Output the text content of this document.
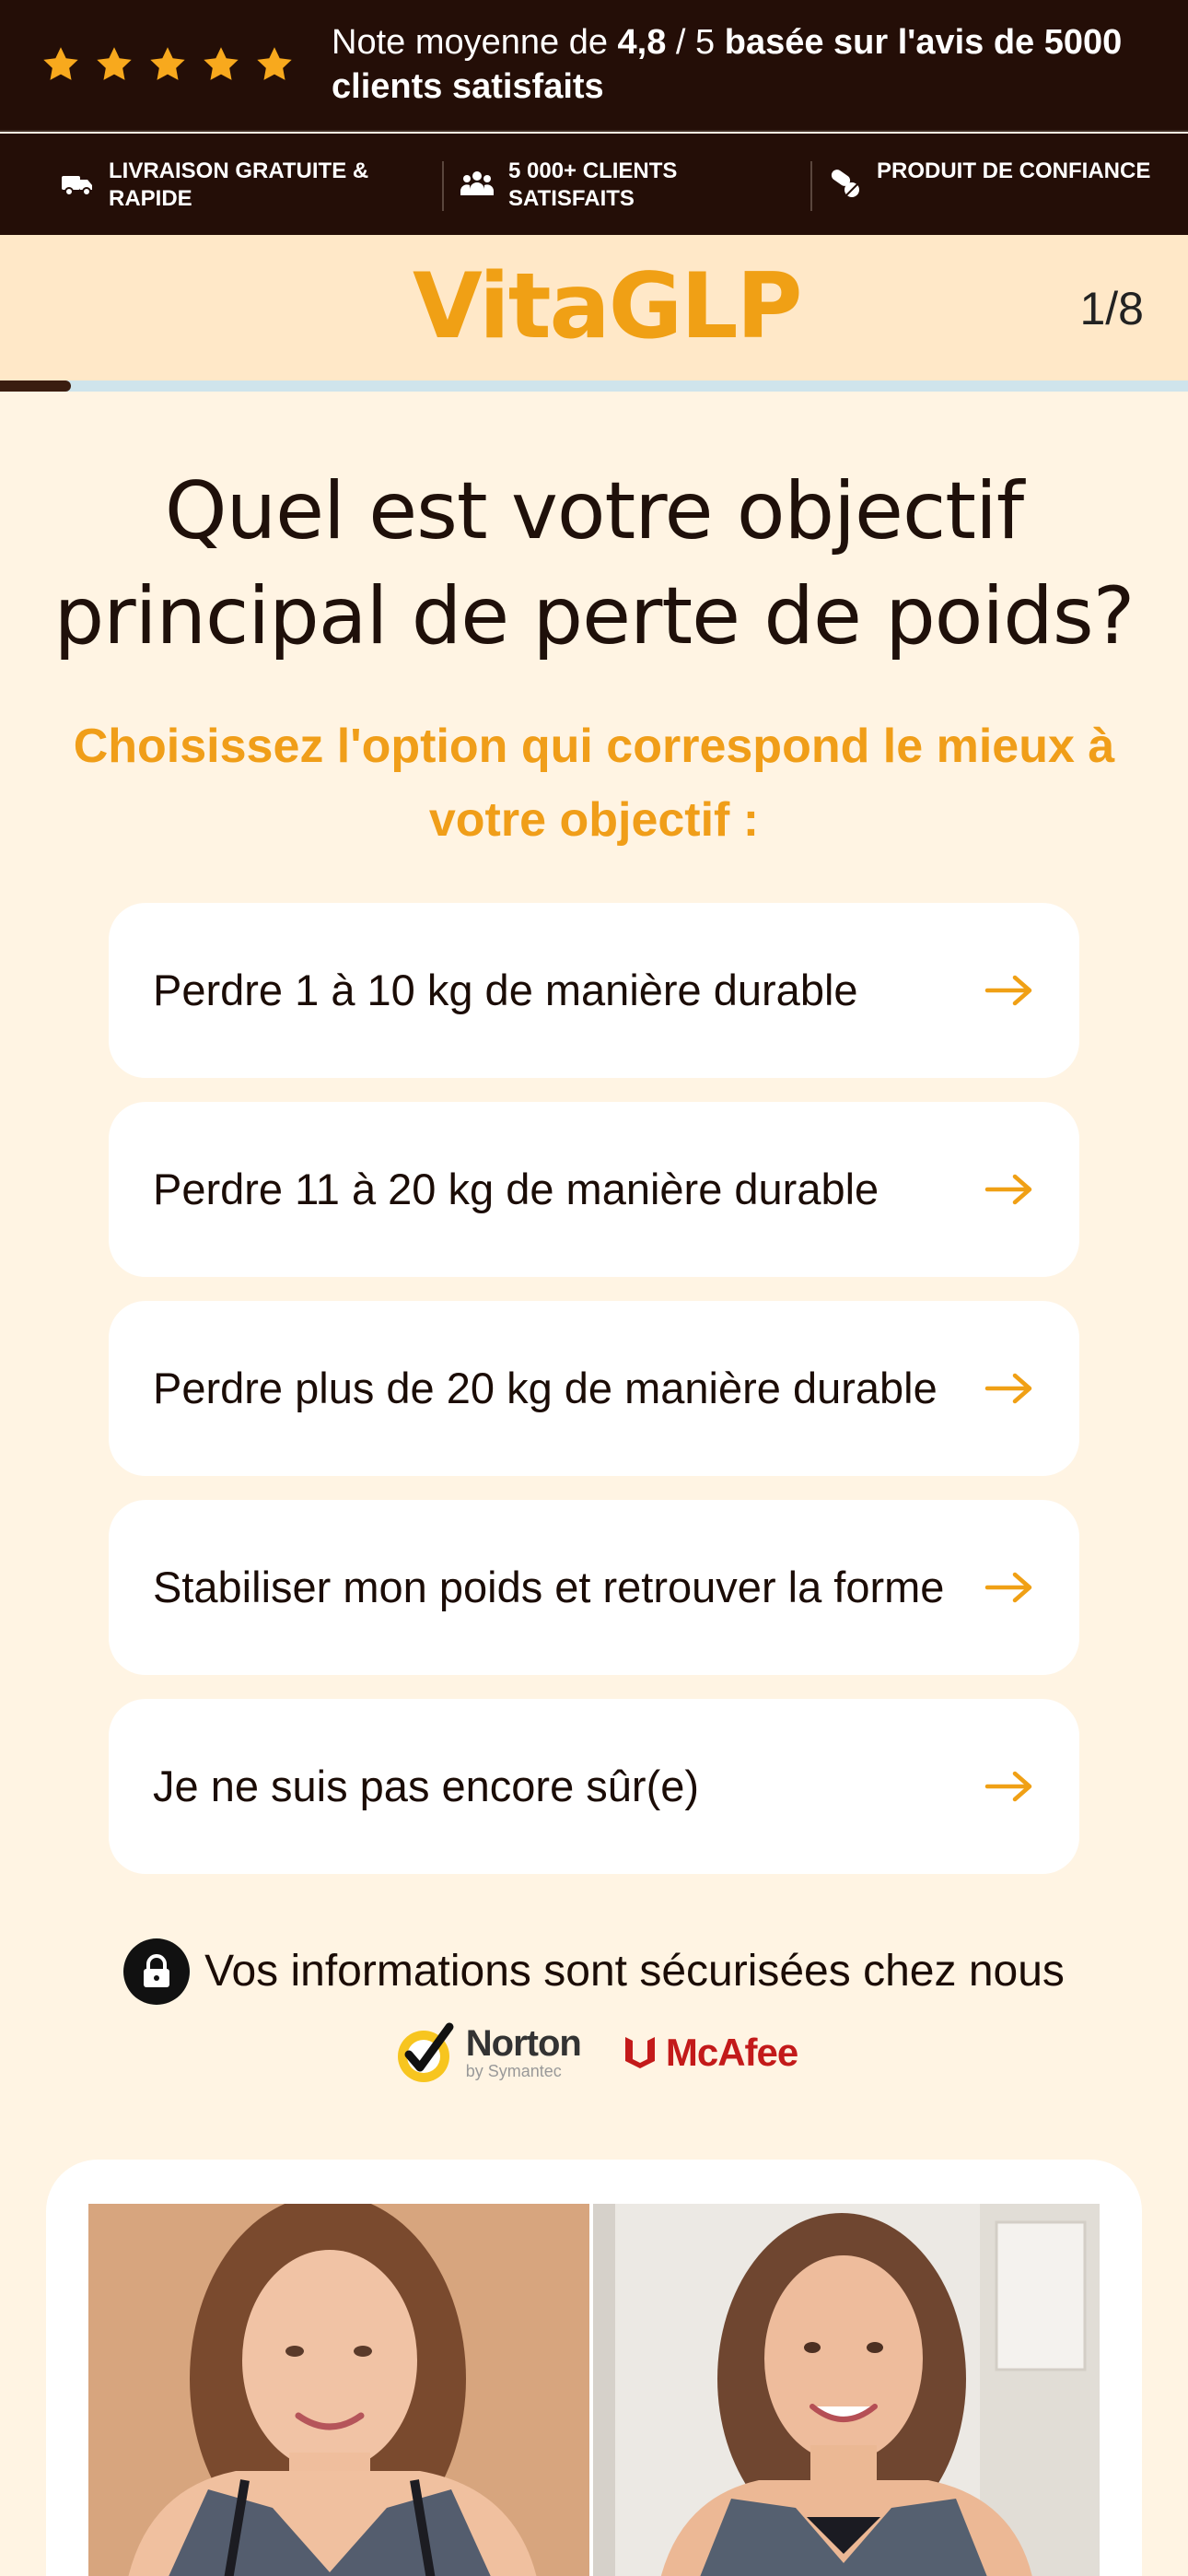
Note moyenne de 4,8 / 5 basée sur l'avis de 5000 clients satisfaits

LIVRAISON GRATUITE & RAPIDE
5 000+ CLIENTS SATISFAITS
PRODUIT DE CONFIANCE
VitaGLP	1/8
Quel est votre objectif principal de perte de poids?

Choisissez l'option qui correspond le mieux à votre objectif :

Perdre 1 à 10 kg de manière durable
Perdre 11 à 20 kg de manière durable
Perdre plus de 20 kg de manière durable
Stabiliser mon poids et retrouver la forme
Je ne suis pas encore sûr(e)
Vos informations sont sécurisées chez nous
Norton
by Symantec	McAfee
